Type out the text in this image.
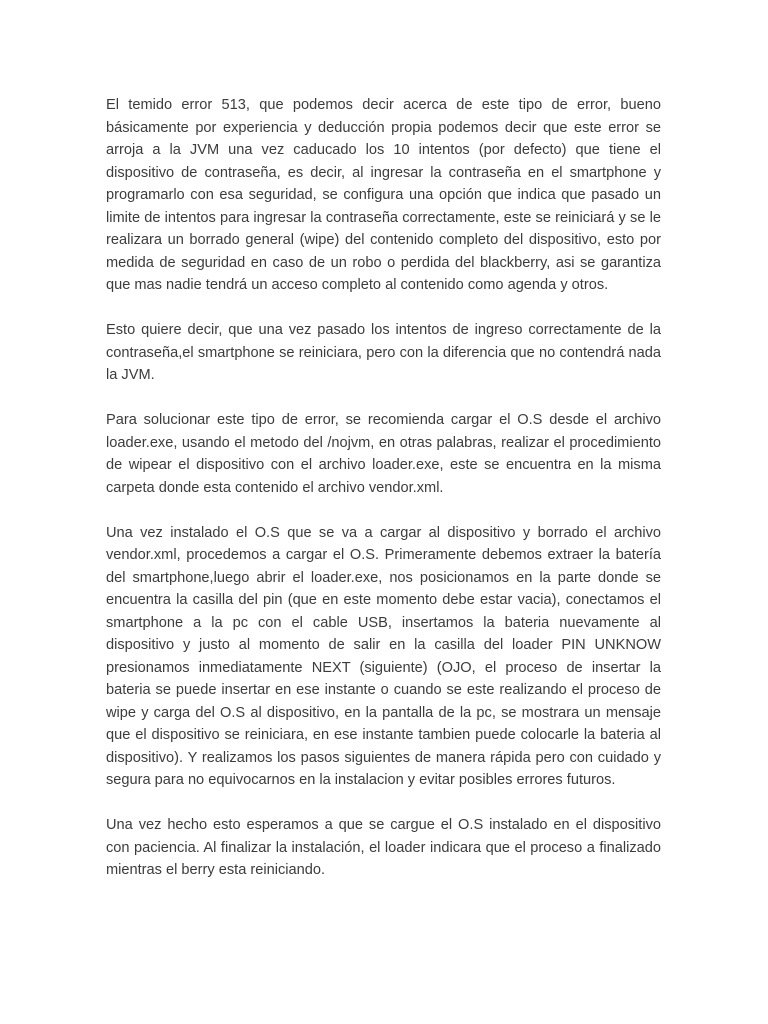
El temido error 513, que podemos decir acerca de este tipo de error, bueno básicamente por experiencia y deducción propia podemos decir que este error se arroja a la JVM una vez caducado los 10 intentos (por defecto) que tiene el dispositivo de contraseña, es decir, al ingresar la contraseña en el smartphone y programarlo con esa seguridad, se configura una opción que indica que pasado un limite de intentos para ingresar la contraseña correctamente, este se reiniciará y se le realizara un borrado general (wipe) del contenido completo del dispositivo, esto por medida de seguridad en caso de un robo o perdida del blackberry, asi se garantiza que mas nadie tendrá un acceso completo al contenido como agenda y otros.

Esto quiere decir, que una vez pasado los intentos de ingreso correctamente de la contraseña,el smartphone se reiniciara, pero con la diferencia que no contendrá nada la JVM.

Para solucionar este tipo de error, se recomienda cargar el O.S desde el archivo loader.exe, usando el metodo del /nojvm, en otras palabras, realizar el procedimiento de wipear el dispositivo con el archivo loader.exe, este se encuentra en la misma carpeta donde esta contenido el archivo vendor.xml.

Una vez instalado el O.S que se va a cargar al dispositivo y borrado el archivo vendor.xml, procedemos a cargar el O.S. Primeramente debemos extraer la batería del smartphone,luego abrir el loader.exe, nos posicionamos en la parte donde se encuentra la casilla del pin (que en este momento debe estar vacia), conectamos el smartphone a la pc con el cable USB, insertamos la bateria nuevamente al dispositivo y justo al momento de salir en la casilla del loader PIN UNKNOW presionamos inmediatamente NEXT (siguiente) (OJO, el proceso de insertar la bateria se puede insertar en ese instante o cuando se este realizando el proceso de wipe y carga del O.S al dispositivo, en la pantalla de la pc, se mostrara un mensaje que el dispositivo se reiniciara, en ese instante tambien puede colocarle la bateria al dispositivo). Y realizamos los pasos siguientes de manera rápida pero con cuidado y segura para no equivocarnos en la instalacion y evitar posibles errores futuros.

Una vez hecho esto esperamos a que se cargue el O.S instalado en el dispositivo con paciencia. Al finalizar la instalación, el loader indicara que el proceso a finalizado mientras el berry esta reiniciando.
